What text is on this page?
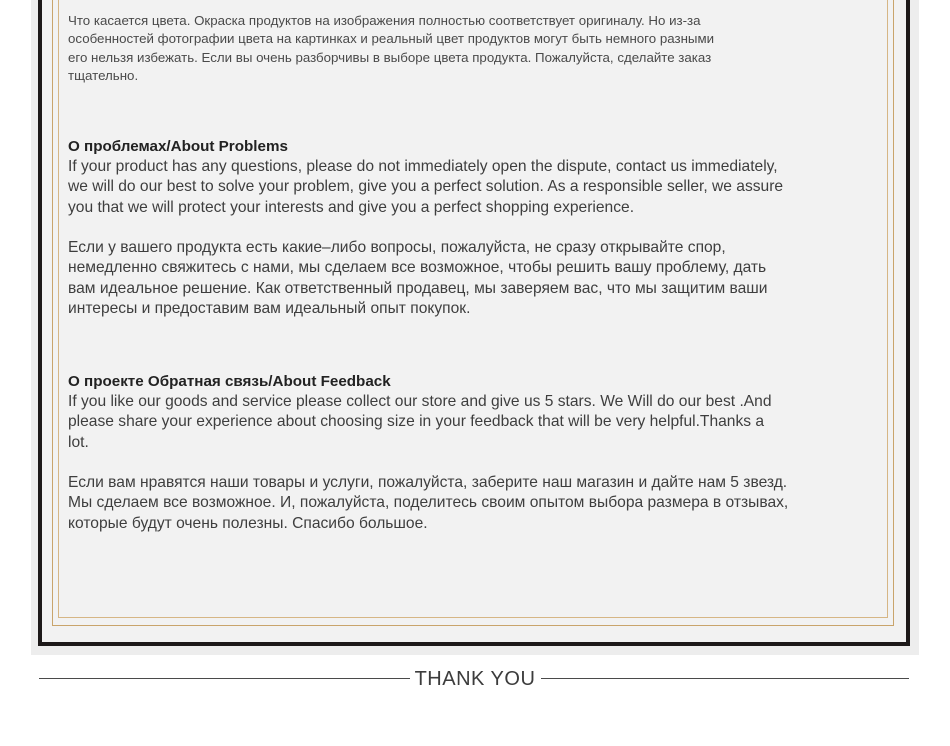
Что касается цвета. Окраска продуктов на изображения полностью соответствует оригиналу. Но из-за
особенностей фотографии цвета на картинках и реальный цвет продуктов могут быть немного разными
его нельзя избежать. Если вы очень разборчивы в выборе цвета продукта. Пожалуйста, сделайте заказ
тщательно.

О проблемах/About Problems

If your product has any questions, please do not immediately open the dispute, contact us immediately,
we will do our best to solve your problem, give you a perfect solution. As a responsible seller, we assure
you that we will protect your interests and give you a perfect shopping experience.

Если у вашего продукта есть какие–либо вопросы, пожалуйста, не сразу открывайте спор,
немедленно свяжитесь с нами, мы сделаем все возможное, чтобы решить вашу проблему, дать
вам идеальное решение. Как ответственный продавец, мы заверяем вас, что мы защитим ваши
интересы и предоставим вам идеальный опыт покупок.

О проекте Обратная связь/About Feedback

If you like our goods and service please collect our store and give us 5 stars. We Will do our best .And
please share your experience about choosing size in your feedback that will be very helpful.Thanks a
lot.

Если вам нравятся наши товары и услуги, пожалуйста, заберите наш магазин и дайте нам 5 звезд.
Мы сделаем все возможное. И, пожалуйста, поделитесь своим опытом выбора размера в отзывах,
которые будут очень полезны. Спасибо большое.

THANK YOU
